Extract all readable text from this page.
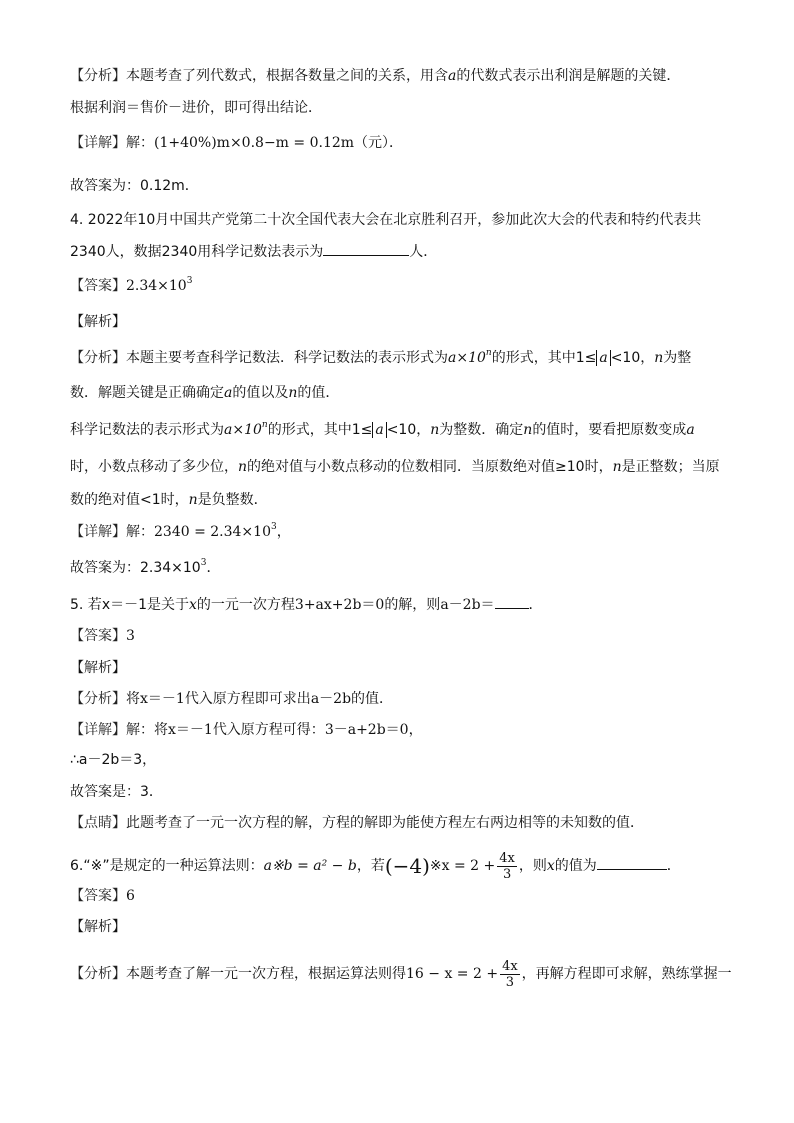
【分析】本题考查了列代数式，根据各数量之间的关系，用含a的代数式表示出利润是解题的关键．
根据利润＝售价－进价，即可得出结论．
【详解】解：(1+40%)m×0.8−m = 0.12m（元）．
故答案为：0.12m．
4. 2022年10月中国共产党第二十次全国代表大会在北京胜利召开，参加此次大会的代表和特约代表共
2340人，数据2340用科学记数法表示为	人．
【答案】$2.34\times 10^3$
【解析】
【分析】本题主要考查科学记数法．科学记数法的表示形式为$a\times 10^n$的形式，其中1≤ a <10，n为整
数．解题关键是正确确定a的值以及n的值．
科学记数法的表示形式为$a\times 10^n$的形式，其中1≤ a <10，n为整数．确定n的值时，要看把原数变成a
时，小数点移动了多少位，n的绝对值与小数点移动的位数相同．当原数绝对值≥10时，n是正整数；当原
数的绝对值<1时，n是负整数．
【详解】解：$2340 = 2.34\times 10^3$，
故答案为：$2.34\times 10^3$．
5. 若x＝－1是关于x的一元一次方程3+ax+2b＝0的解，则a－2b＝ ．
【答案】3
【解析】
【分析】将x＝－1代入原方程即可求出a－2b的值．
【详解】解：将x＝－1代入原方程可得：3－a+2b＝0，
∴a－2b＝3，
故答案是：3．
【点睛】此题考查了一元一次方程的解，方程的解即为能使方程左右两边相等的未知数的值．
6.“※”是规定的一种运算法则：a※b = a² − b，若(−4)※x = $2 + \frac{4x}{3}$ ，则x的值为	．
【答案】6
【解析】
【分析】本题考查了解一元一次方程，根据运算法则得$16 - x = 2 + \frac{4x}{3}$ ，再解方程即可求解，熟练掌握一
